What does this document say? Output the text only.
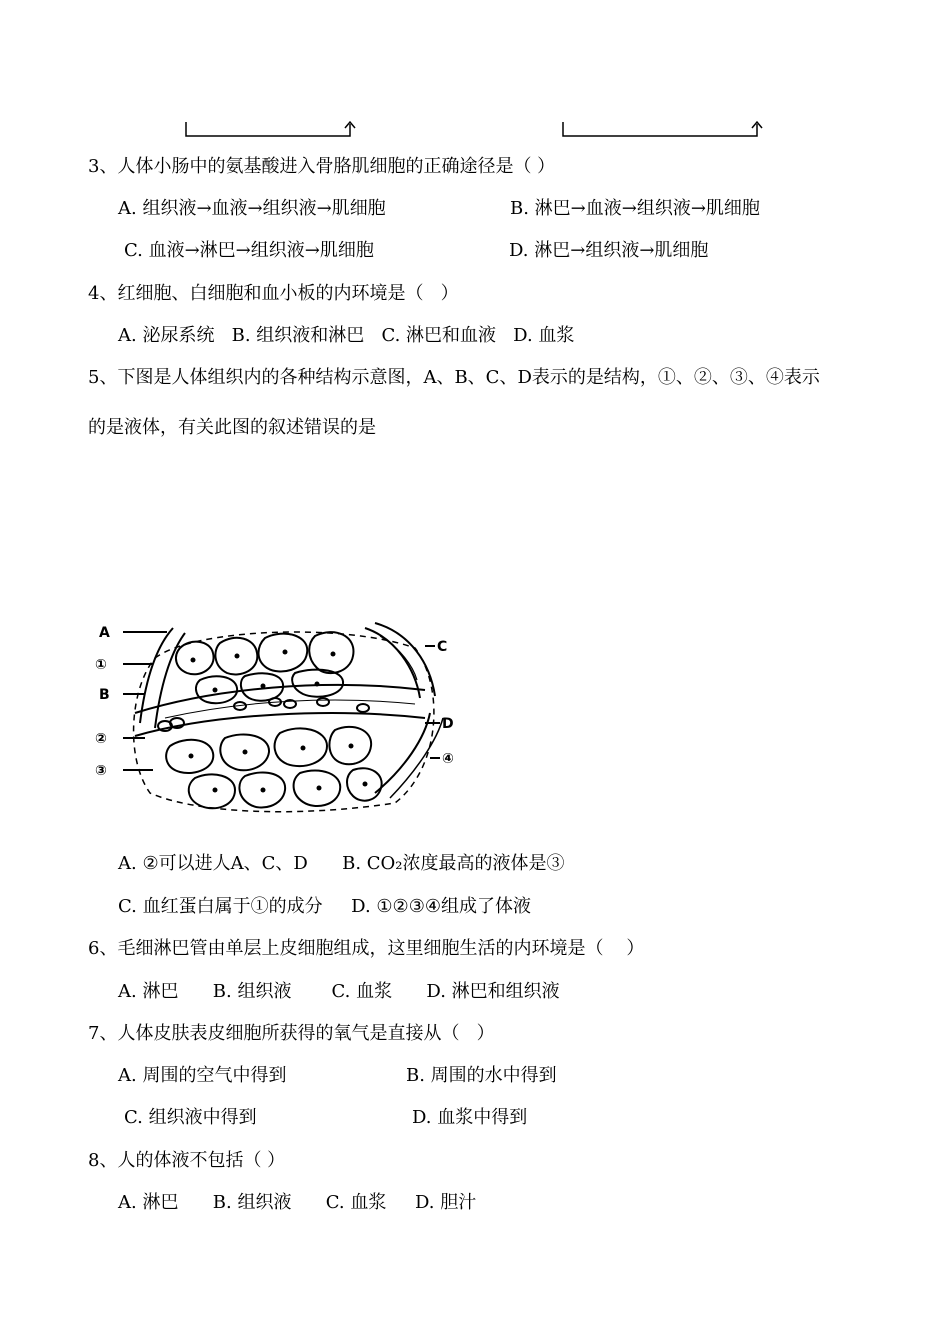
3、人体小肠中的氨基酸进入骨胳肌细胞的正确途径是（ ）
A. 组织液→血液→组织液→肌细胞	B. 淋巴→血液→组织液→肌细胞
C. 血液→淋巴→组织液→肌细胞	D. 淋巴→组织液→肌细胞
4、红细胞、白细胞和血小板的内环境是（   ）
A. 泌尿系统   B. 组织液和淋巴   C. 淋巴和血液   D. 血浆
5、下图是人体组织内的各种结构示意图，A、B、C、D表示的是结构，①、②、③、④表示
的是液体，有关此图的叙述错误的是
A
①
B
②
③
C
D
④
A. ②可以进人A、C、D      B. CO₂浓度最高的液体是③
C. 血红蛋白属于①的成分     D. ①②③④组成了体液
6、毛细淋巴管由单层上皮细胞组成，这里细胞生活的内环境是（    ）
A. 淋巴      B. 组织液       C. 血浆      D. 淋巴和组织液
7、人体皮肤表皮细胞所获得的氧气是直接从（   ）
A. 周围的空气中得到	B. 周围的水中得到
C. 组织液中得到	D. 血浆中得到
8、人的体液不包括（ ）
A. 淋巴      B. 组织液      C. 血浆     D. 胆汁
